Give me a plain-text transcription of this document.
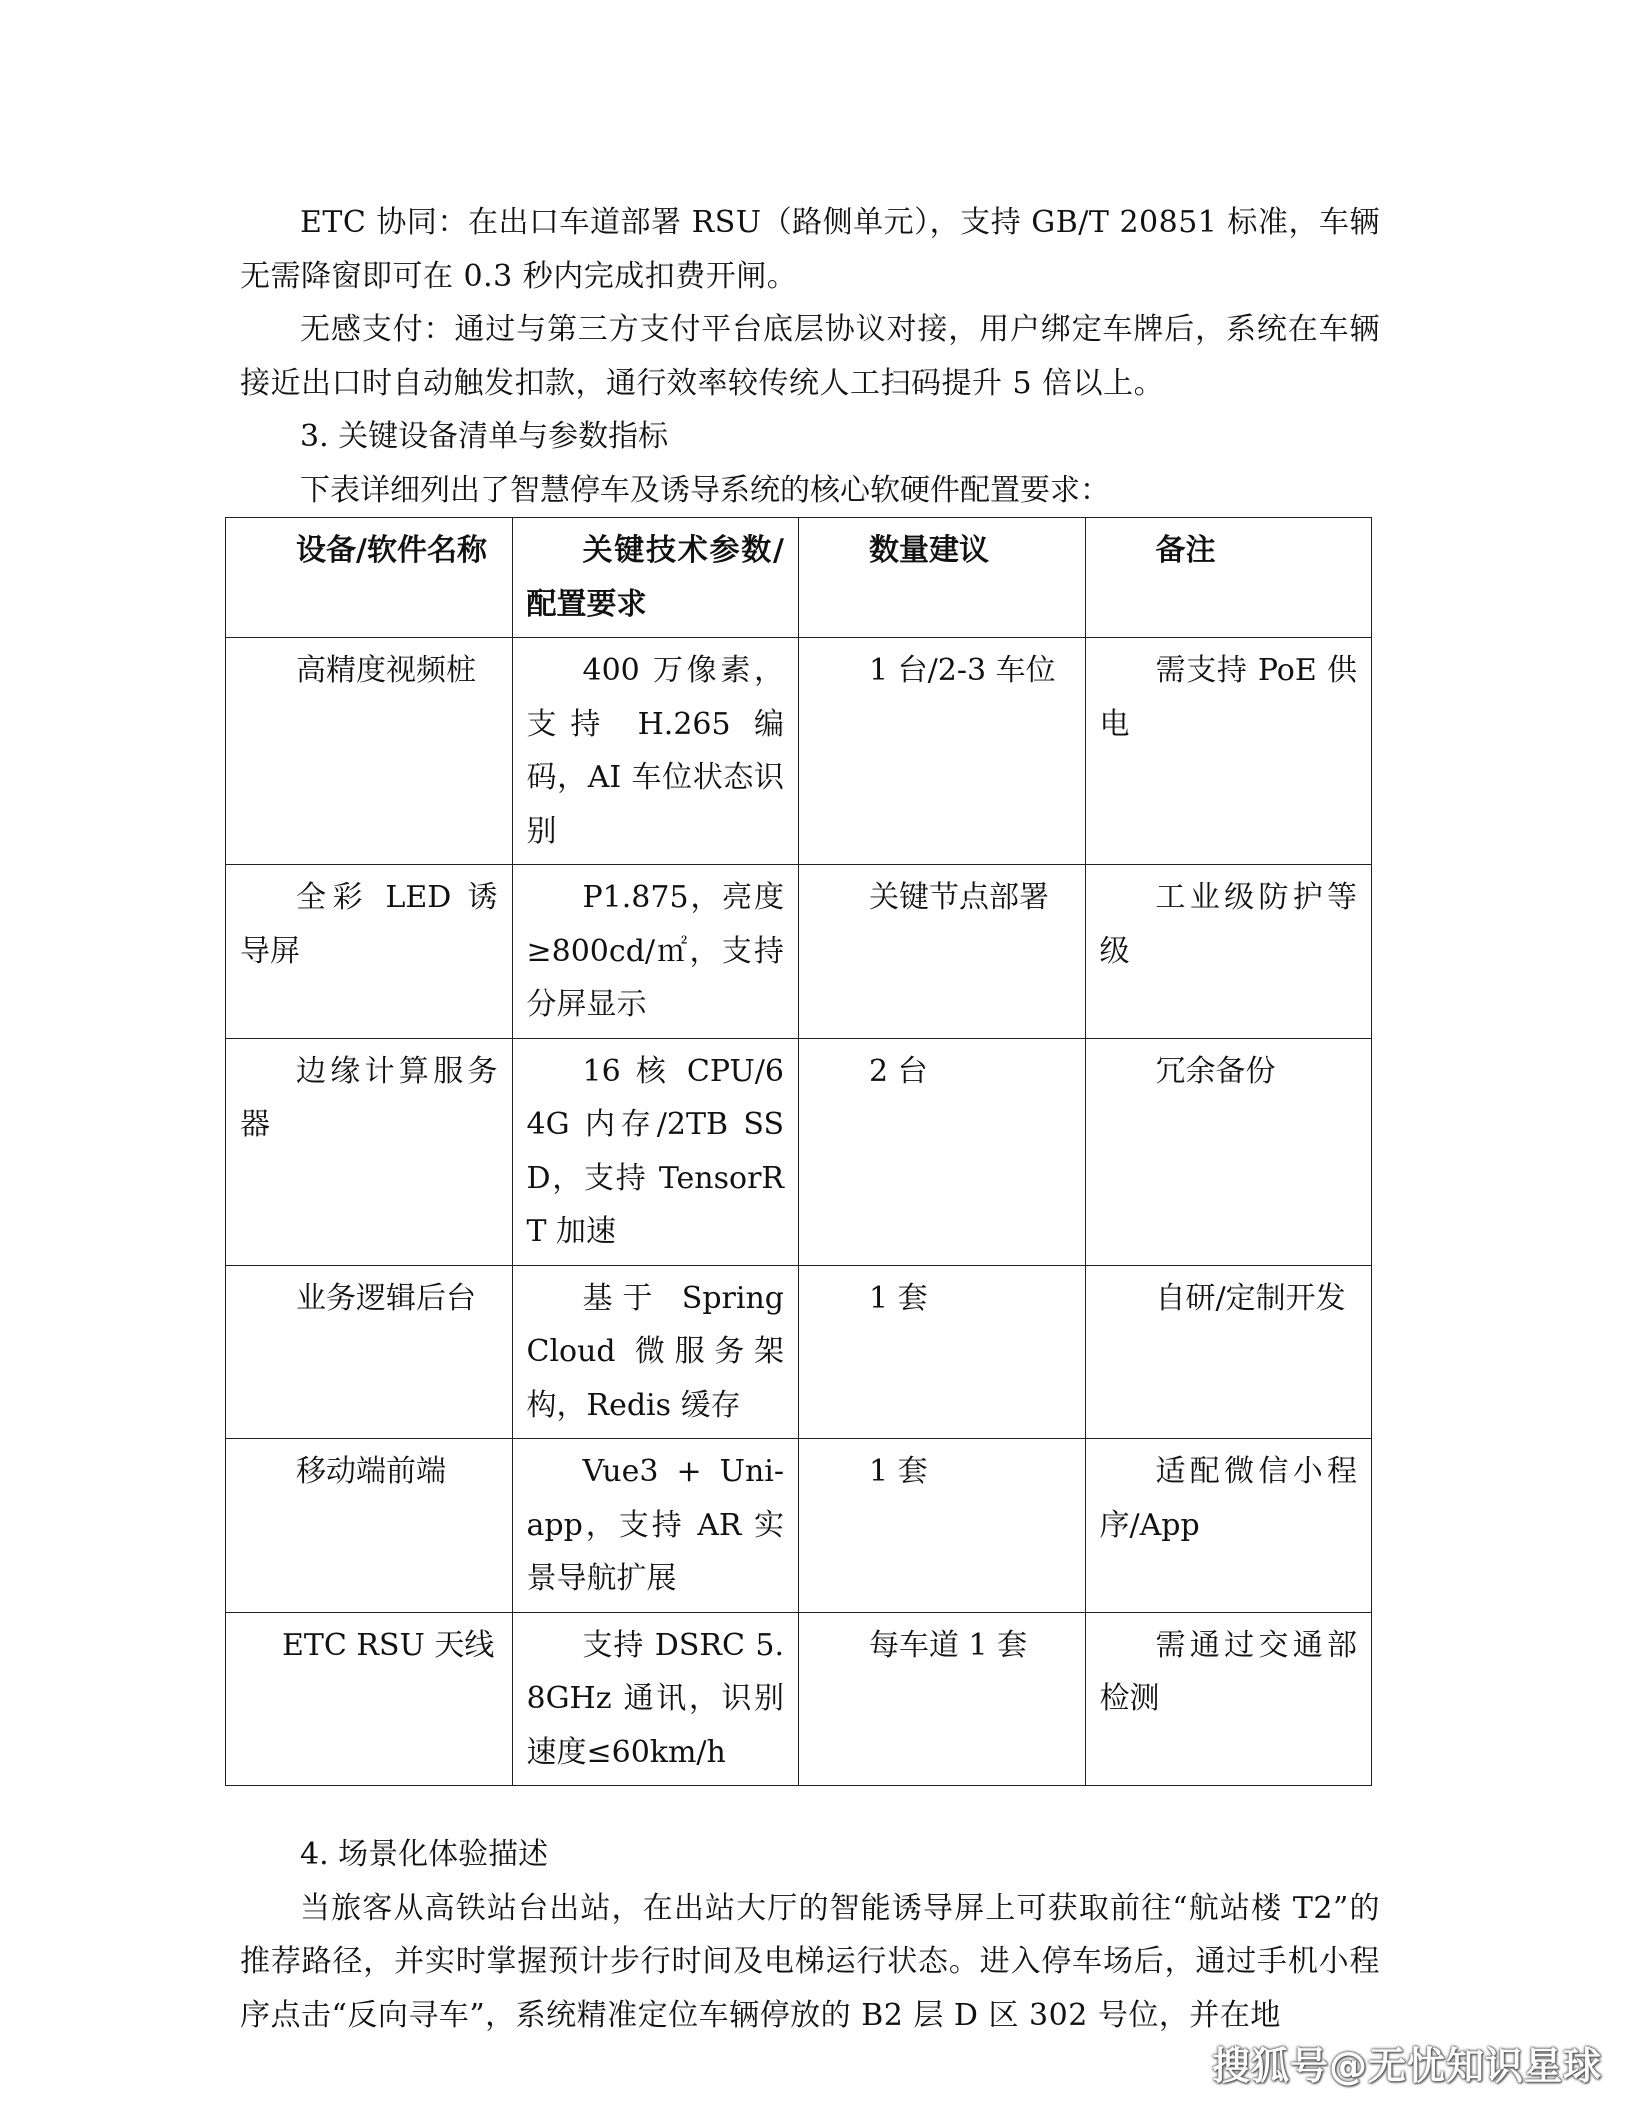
ETC 协同：在出口车道部署 RSU（路侧单元），支持 GB/T 20851 标准，车辆无需降窗即可在 0.3 秒内完成扣费开闸。

无感支付：通过与第三方支付平台底层协议对接，用户绑定车牌后，系统在车辆接近出口时自动触发扣款，通行效率较传统人工扫码提升 5 倍以上。

3. 关键设备清单与参数指标

下表详细列出了智慧停车及诱导系统的核心软硬件配置要求：

设备/软件名称	关键技术参数/配置要求	数量建议	备注
高精度视频桩	400 万像素，支持 H.265 编码，AI 车位状态识别	1 台/2-3 车位	需支持 PoE 供电
全彩 LED 诱导屏	P1.875，亮度≥800cd/㎡，支持分屏显示	关键节点部署	工业级防护等级
边缘计算服务器	16 核 CPU/64G 内存/2TB SSD，支持 TensorRT 加速	2 台	冗余备份
业务逻辑后台	基于 Spring Cloud 微服务架构，Redis 缓存	1 套	自研/定制开发
移动端前端	Vue3 + Uni-app，支持 AR 实景导航扩展	1 套	适配微信小程序/App
ETC RSU 天线	支持 DSRC 5.8GHz 通讯，识别速度≤60km/h	每车道 1 套	需通过交通部检测

4. 场景化体验描述

当旅客从高铁站台出站，在出站大厅的智能诱导屏上可获取前往“航站楼 T2”的推荐路径，并实时掌握预计步行时间及电梯运行状态。进入停车场后，通过手机小程序点击“反向寻车”，系统精准定位车辆停放的 B2 层 D 区 302 号位，并在地

搜狐号@无忧知识星球
